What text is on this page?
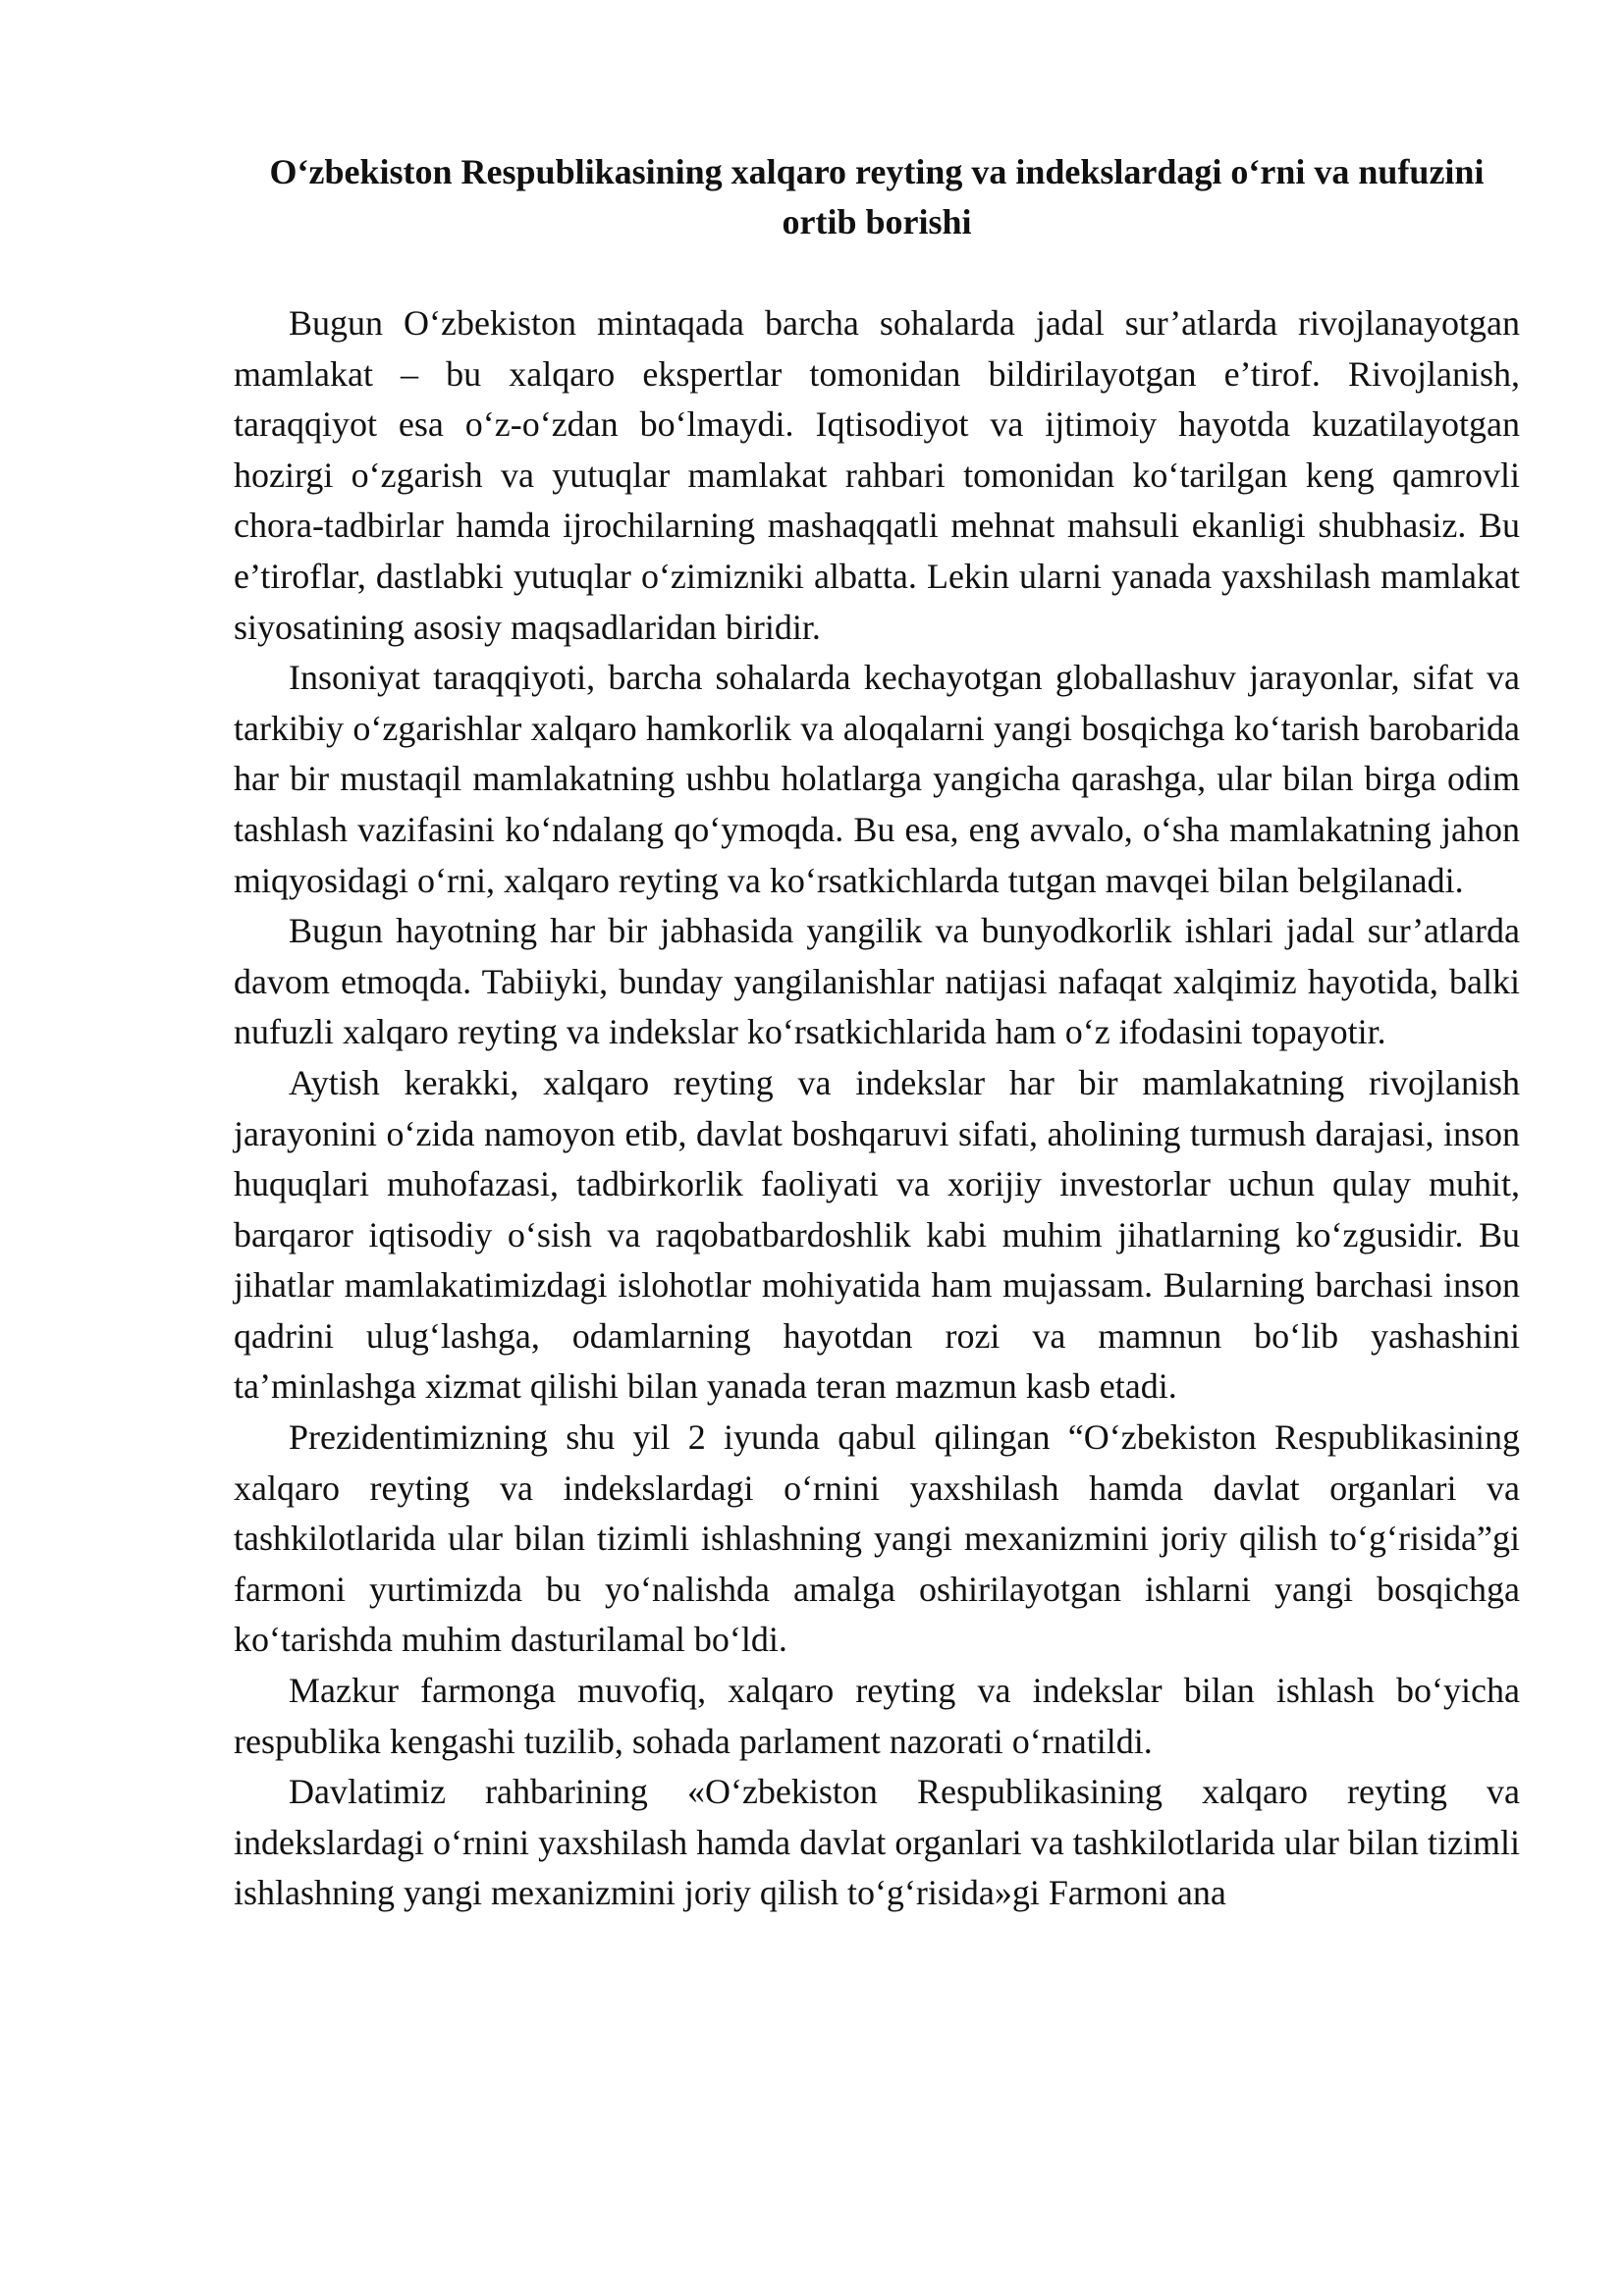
O‘zbekiston Respublikasining xalqaro reyting va indekslardagi o‘rni va nufuzini ortib borishi

Bugun O‘zbekiston mintaqada barcha sohalarda jadal sur’atlarda rivojlanayotgan mamlakat – bu xalqaro ekspertlar tomonidan bildirilayotgan e’tirof. Rivojlanish, taraqqiyot esa o‘z-o‘zdan bo‘lmaydi. Iqtisodiyot va ijtimoiy hayotda kuzatilayotgan hozirgi o‘zgarish va yutuqlar mamlakat rahbari tomonidan ko‘tarilgan keng qamrovli chora-tadbirlar hamda ijrochilarning mashaqqatli mehnat mahsuli ekanligi shubhasiz. Bu e’tiroflar, dastlabki yutuqlar o‘zimizniki albatta. Lekin ularni yanada yaxshilash mamlakat siyosatining asosiy maqsadlaridan biridir.

Insoniyat taraqqiyoti, barcha sohalarda kechayotgan globallashuv jarayonlar, sifat va tarkibiy o‘zgarishlar xalqaro hamkorlik va aloqalarni yangi bosqichga ko‘tarish barobarida har bir mustaqil mamlakatning ushbu holatlarga yangicha qarashga, ular bilan birga odim tashlash vazifasini ko‘ndalang qo‘ymoqda. Bu esa, eng avvalo, o‘sha mamlakatning jahon miqyosidagi o‘rni, xalqaro reyting va ko‘rsatkichlarda tutgan mavqei bilan belgilanadi.

Bugun hayotning har bir jabhasida yangilik va bunyodkorlik ishlari jadal sur’atlarda davom etmoqda. Tabiiyki, bunday yangilanishlar natijasi nafaqat xalqimiz hayotida, balki nufuzli xalqaro reyting va indekslar ko‘rsatkichlarida ham o‘z ifodasini topayotir.

Aytish kerakki, xalqaro reyting va indekslar har bir mamlakatning rivojlanish jarayonini o‘zida namoyon etib, davlat boshqaruvi sifati, aholining turmush darajasi, inson huquqlari muhofazasi, tadbirkorlik faoliyati va xorijiy investorlar uchun qulay muhit, barqaror iqtisodiy o‘sish va raqobatbardoshlik kabi muhim jihatlarning ko‘zgusidir. Bu jihatlar mamlakatimizdagi islohotlar mohiyatida ham mujassam. Bularning barchasi inson qadrini ulug‘lashga, odamlarning hayotdan rozi va mamnun bo‘lib yashashini ta’minlashga xizmat qilishi bilan yanada teran mazmun kasb etadi.

Prezidentimizning shu yil 2 iyunda qabul qilingan “O‘zbekiston Respublikasining xalqaro reyting va indekslardagi o‘rnini yaxshilash hamda davlat organlari va tashkilotlarida ular bilan tizimli ishlashning yangi mexanizmini joriy qilish to‘g‘risida”gi farmoni yurtimizda bu yo‘nalishda amalga oshirilayotgan ishlarni yangi bosqichga ko‘tarishda muhim dasturilamal bo‘ldi.

Mazkur farmonga muvofiq, xalqaro reyting va indekslar bilan ishlash bo‘yicha respublika kengashi tuzilib, sohada parlament nazorati o‘rnatildi.

Davlatimiz rahbarining «O‘zbekiston Respublikasining xalqaro reyting va indekslardagi o‘rnini yaxshilash hamda davlat organlari va tashkilotlarida ular bilan tizimli ishlashning yangi mexanizmini joriy qilish to‘g‘risida»gi Farmoni ana
